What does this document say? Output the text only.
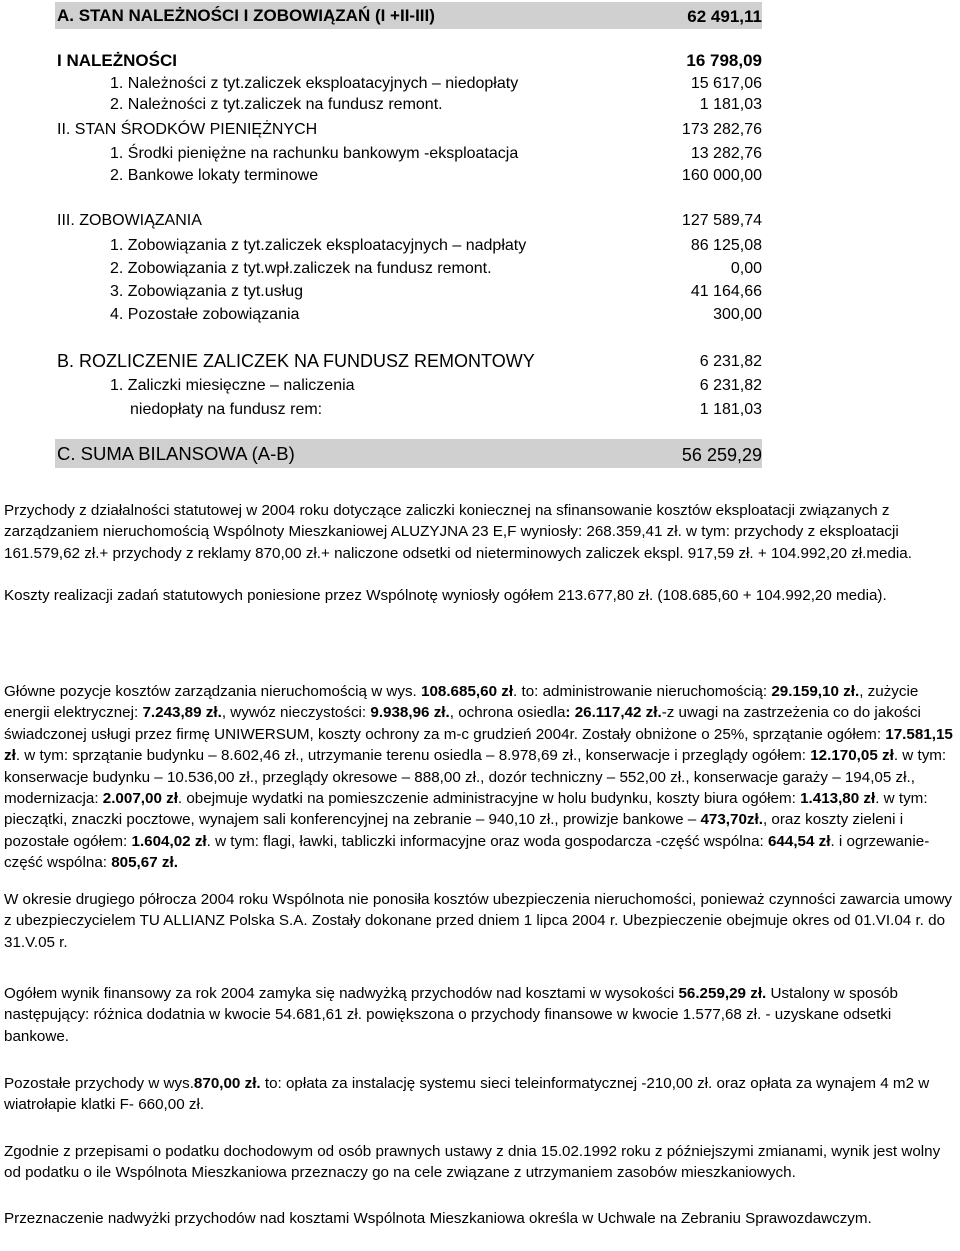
A. STAN NALEŻNOŚCI I ZOBOWIĄZAŃ (I +II-III)	62 491,11
I NALEŻNOŚCI	16 798,09
1. Należności z tyt.zaliczek eksploatacyjnych – niedopłaty	15 617,06
2. Należności z tyt.zaliczek na fundusz remont.	1 181,03
II. STAN ŚRODKÓW PIENIĘŻNYCH	173 282,76
1. Środki pieniężne na rachunku bankowym -eksploatacja	13 282,76
2. Bankowe lokaty terminowe	160 000,00
III. ZOBOWIĄZANIA	127 589,74
1. Zobowiązania z tyt.zaliczek eksploatacyjnych – nadpłaty	86 125,08
2. Zobowiązania z tyt.wpł.zaliczek na fundusz remont.	0,00
3. Zobowiązania z tyt.usług	41 164,66
4. Pozostałe zobowiązania	300,00
B. ROZLICZENIE ZALICZEK NA FUNDUSZ REMONTOWY	6 231,82
1. Zaliczki miesięczne – naliczenia	6 231,82
niedopłaty na fundusz rem:	1 181,03
C. SUMA BILANSOWA (A-B)	56 259,29

Przychody z działalności statutowej w 2004 roku dotyczące zaliczki koniecznej na sfinansowanie kosztów eksploatacji związanych z zarządzaniem nieruchomością Wspólnoty Mieszkaniowej ALUZYJNA 23 E,F wyniosły: 268.359,41 zł. w tym: przychody z eksploatacji 161.579,62 zł.+ przychody z reklamy 870,00 zł.+ naliczone odsetki od nieterminowych zaliczek ekspl. 917,59 zł. + 104.992,20 zł.media.

Koszty realizacji zadań statutowych poniesione przez Wspólnotę wyniosły ogółem 213.677,80 zł. (108.685,60 + 104.992,20 media).

Główne pozycje kosztów zarządzania nieruchomością w wys. 108.685,60 zł. to: administrowanie nieruchomością: 29.159,10 zł., zużycie energii elektrycznej: 7.243,89 zł., wywóz nieczystości: 9.938,96 zł., ochrona osiedla: 26.117,42 zł.-z uwagi na zastrzeżenia co do jakości świadczonej usługi przez firmę UNIWERSUM, koszty ochrony za m-c grudzień 2004r. Zostały obniżone o 25%, sprzątanie ogółem: 17.581,15 zł. w tym: sprzątanie budynku – 8.602,46 zł., utrzymanie terenu osiedla – 8.978,69 zł., konserwacje i przeglądy ogółem: 12.170,05 zł. w tym: konserwacje budynku – 10.536,00 zł., przeglądy okresowe – 888,00 zł., dozór techniczny – 552,00 zł., konserwacje garaży – 194,05 zł., modernizacja: 2.007,00 zł. obejmuje wydatki na pomieszczenie administracyjne w holu budynku, koszty biura ogółem: 1.413,80 zł. w tym: pieczątki, znaczki pocztowe, wynajem sali konferencyjnej na zebranie – 940,10 zł., prowizje bankowe – 473,70zł., oraz koszty zieleni i pozostałe ogółem: 1.604,02 zł. w tym: flagi, ławki, tabliczki informacyjne oraz woda gospodarcza -część wspólna: 644,54 zł. i ogrzewanie-część wspólna: 805,67 zł.

W okresie drugiego półrocza 2004 roku Wspólnota nie ponosiła kosztów ubezpieczenia nieruchomości, ponieważ czynności zawarcia umowy z ubezpieczycielem TU ALLIANZ Polska S.A. Zostały dokonane przed dniem 1 lipca 2004 r. Ubezpieczenie obejmuje okres od 01.VI.04 r. do 31.V.05 r.

Ogółem wynik finansowy za rok 2004 zamyka się nadwyżką przychodów nad kosztami w wysokości 56.259,29 zł. Ustalony w sposób następujący: różnica dodatnia w kwocie 54.681,61 zł. powiększona o przychody finansowe w kwocie 1.577,68 zł. - uzyskane odsetki bankowe.

Pozostałe przychody w wys.870,00 zł. to: opłata za instalację systemu sieci teleinformatycznej -210,00 zł. oraz opłata za wynajem 4 m2 w wiatrołapie klatki F- 660,00 zł.

Zgodnie z przepisami o podatku dochodowym od osób prawnych ustawy z dnia 15.02.1992 roku z późniejszymi zmianami, wynik jest wolny od podatku o ile Wspólnota Mieszkaniowa przeznaczy go na cele związane z utrzymaniem zasobów mieszkaniowych.

Przeznaczenie nadwyżki przychodów nad kosztami Wspólnota Mieszkaniowa określa w Uchwale na Zebraniu Sprawozdawczym.
